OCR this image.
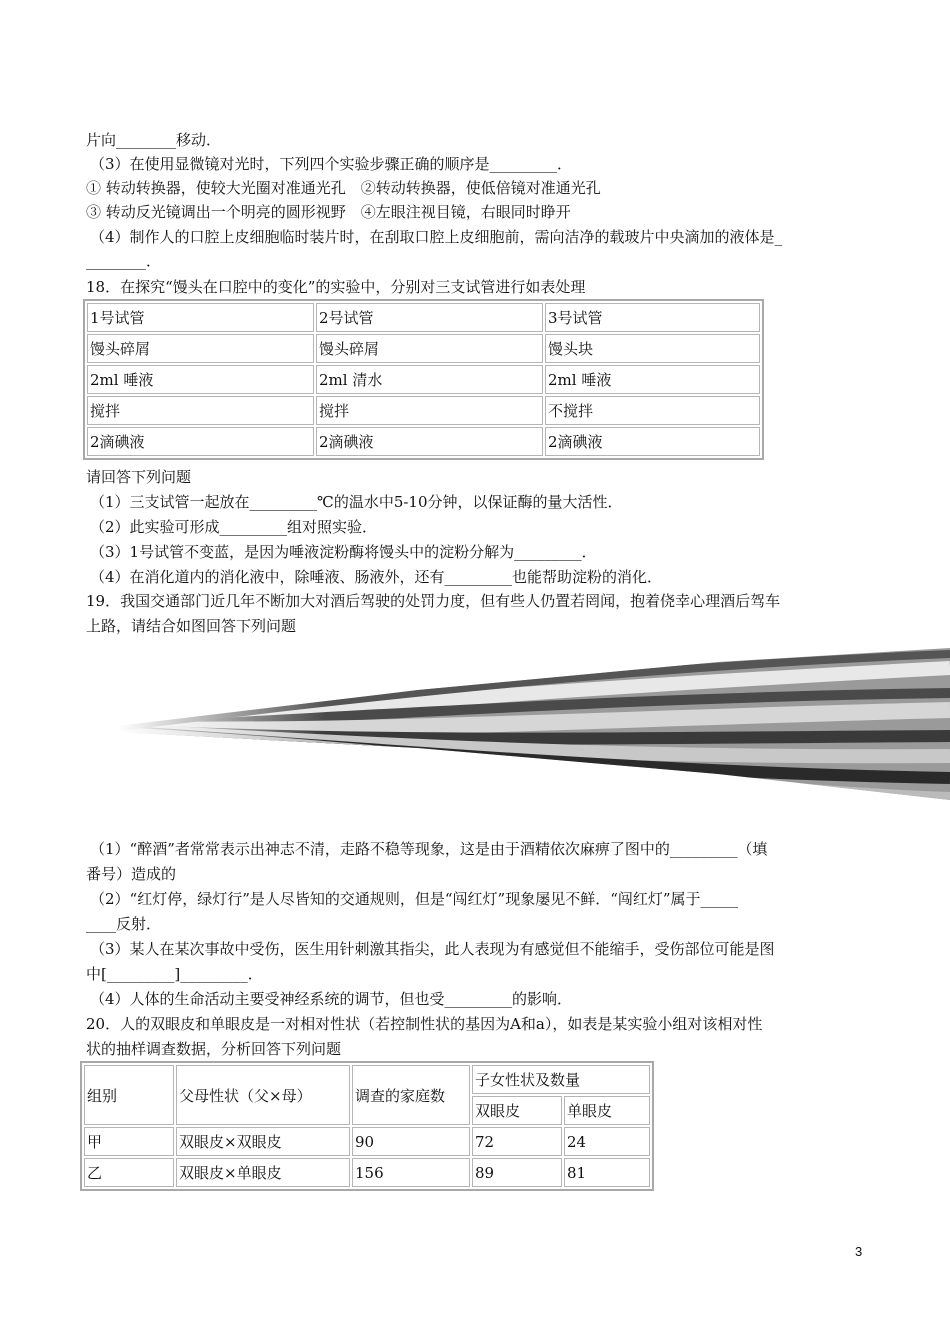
片向________移动．
（3）在使用显微镜对光时，下列四个实验步骤正确的顺序是_________．
① 转动转换器，使较大光圈对准通光孔　②转动转换器，使低倍镜对准通光孔
③ 转动反光镜调出一个明亮的圆形视野　④左眼注视目镜，右眼同时睁开
（4）制作人的口腔上皮细胞临时装片时，在刮取口腔上皮细胞前，需向洁净的载玻片中央滴加的液体是_
________．
18．在探究“馒头在口腔中的变化”的实验中，分别对三支试管进行如表处理
1号试管	2号试管	3号试管
馒头碎屑	馒头碎屑	馒头块
2ml 唾液	2ml 清水	2ml 唾液
搅拌	搅拌	不搅拌
2滴碘液	2滴碘液	2滴碘液
请回答下列问题
（1）三支试管一起放在_________℃的温水中5-10分钟，以保证酶的量大活性．
（2）此实验可形成_________组对照实验．
（3）1号试管不变蓝，是因为唾液淀粉酶将馒头中的淀粉分解为_________．
（4）在消化道内的消化液中，除唾液、肠液外，还有_________也能帮助淀粉的消化．
19．我国交通部门近几年不断加大对酒后驾驶的处罚力度，但有些人仍置若罔闻，抱着侥幸心理酒后驾车
上路，请结合如图回答下列问题
（1）“醉酒”者常常表示出神志不清，走路不稳等现象，这是由于酒精依次麻痹了图中的_________（填
番号）造成的
（2）“红灯停，绿灯行”是人尽皆知的交通规则，但是“闯红灯”现象屡见不鲜．“闯红灯”属于_____
____反射．
（3）某人在某次事故中受伤，医生用针刺激其指尖，此人表现为有感觉但不能缩手，受伤部位可能是图
中[_________]_________．
（4）人体的生命活动主要受神经系统的调节，但也受_________的影响．
20．人的双眼皮和单眼皮是一对相对性状（若控制性状的基因为A和a），如表是某实验小组对该相对性
状的抽样调查数据，分析回答下列问题
组别	父母性状（父×母）	调查的家庭数	子女性状及数量	
			双眼皮	单眼皮
甲	双眼皮×双眼皮	90	72	24
乙	双眼皮×单眼皮	156	89	81
3
